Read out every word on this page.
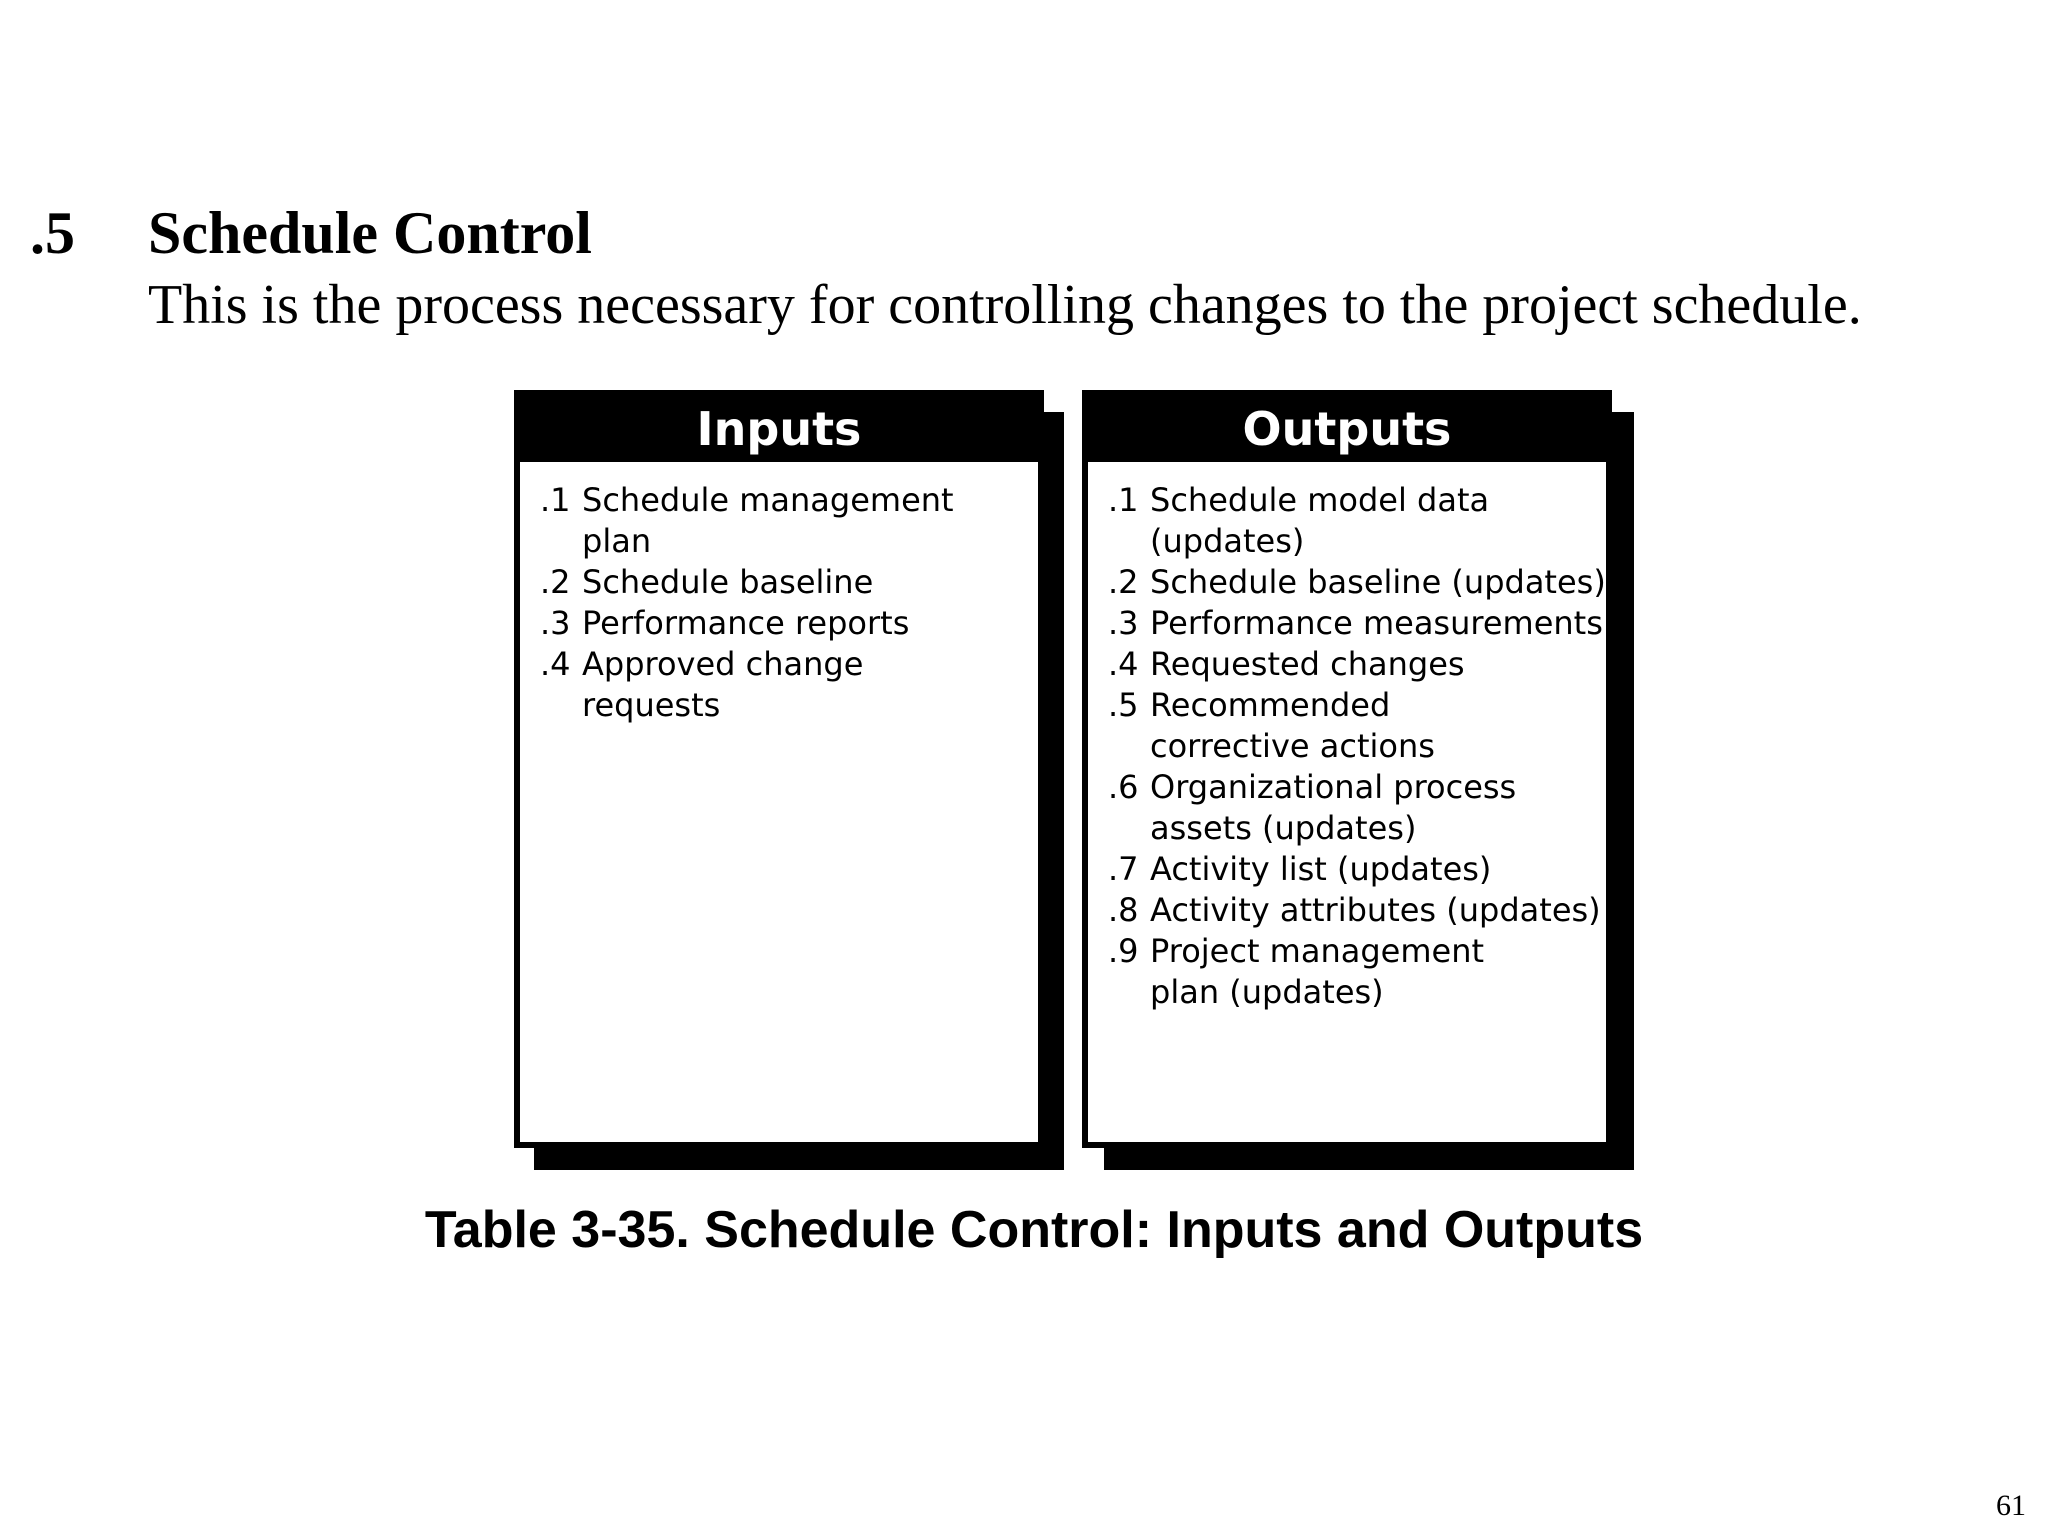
.5 Schedule Control

This is the process necessary for controlling changes to the project schedule.

Inputs
.1 Schedule management plan
.2 Schedule baseline
.3 Performance reports
.4 Approved change requests
Outputs
.1 Schedule model data (updates)
.2 Schedule baseline (updates)
.3 Performance measurements
.4 Requested changes
.5 Recommended corrective actions
.6 Organizational process assets (updates)
.7 Activity list (updates)
.8 Activity attributes (updates)
.9 Project management plan (updates)

Table 3-35. Schedule Control: Inputs and Outputs

61
